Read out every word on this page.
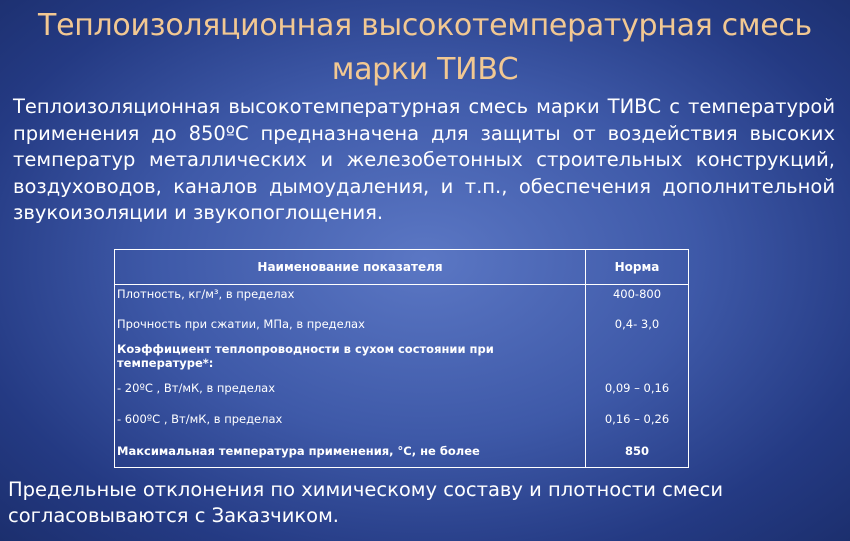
Теплоизоляционная высокотемпературная смесь
марки ТИВС
Теплоизоляционная высокотемпературная смесь марки ТИВС с температурой применения до 850ºС предназначена для защиты от воздействия высоких температур металлических и железобетонных строительных конструкций, воздуховодов, каналов дымоудаления, и т.п., обеспечения дополнительной звукоизоляции и звукопоглощения.
Наименование показателя	Норма
Плотность, кг/м³, в пределах	400-800
Прочность при сжатии, МПа, в пределах	0,4- 3,0
Коэффициент теплопроводности в сухом состоянии при температуре*:	
- 20ºС , Вт/мК, в пределах	0,09 – 0,16
- 600ºС , Вт/мК, в пределах	0,16 – 0,26
Максимальная температура применения, °С, не более	850
Предельные отклонения по химическому составу и плотности смеси согласовываются с Заказчиком.
